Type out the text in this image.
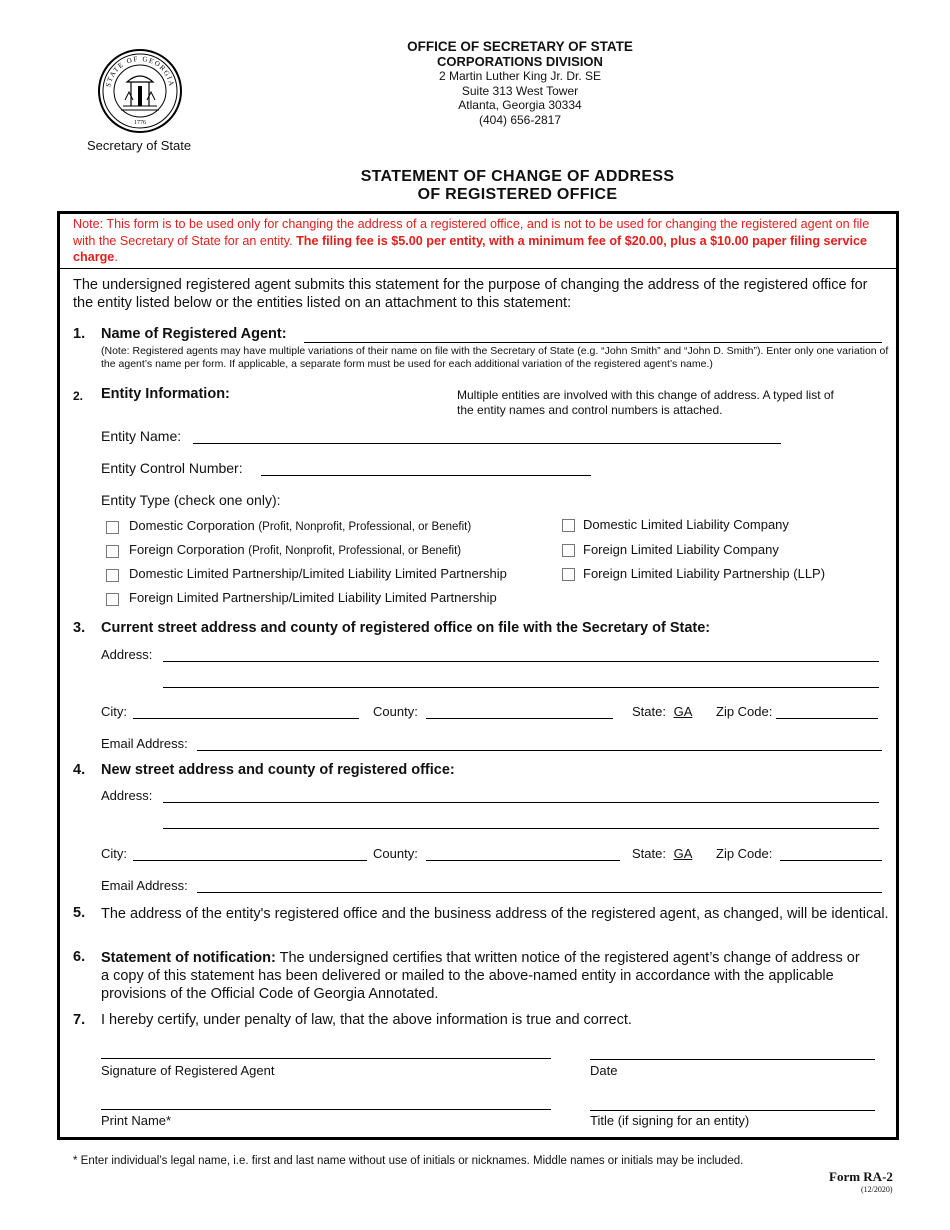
STATE OF GEORGIA
1776
Secretary of State
OFFICE OF SECRETARY OF STATE
CORPORATIONS DIVISION
2 Martin Luther King Jr. Dr. SE
Suite 313 West Tower
Atlanta, Georgia 30334
(404) 656-2817
STATEMENT OF CHANGE OF ADDRESS
OF REGISTERED OFFICE
Note: This form is to be used only for changing the address of a registered office, and is not to be used for changing the registered agent on file with the Secretary of State for an entity. The filing fee is $5.00 per entity, with a minimum fee of $20.00, plus a $10.00 paper filing service charge.
The undersigned registered agent submits this statement for the purpose of changing the address of the registered office for the entity listed below or the entities listed on an attachment to this statement:
1. Name of Registered Agent:
(Note: Registered agents may have multiple variations of their name on file with the Secretary of State (e.g. “John Smith” and “John D. Smith”). Enter only one variation of the agent’s name per form. If applicable, a separate form must be used for each additional variation of the registered agent’s name.)
2. Entity Information:	Multiple entities are involved with this change of address. A typed list of the entity names and control numbers is attached.
Entity Name:
Entity Control Number:
Entity Type (check one only):
Domestic Corporation (Profit, Nonprofit, Professional, or Benefit)
Foreign Corporation (Profit, Nonprofit, Professional, or Benefit)
Domestic Limited Partnership/Limited Liability Limited Partnership
Foreign Limited Partnership/Limited Liability Limited Partnership
Domestic Limited Liability Company
Foreign Limited Liability Company
Foreign Limited Liability Partnership (LLP)
3. Current street address and county of registered office on file with the Secretary of State:
Address:
City:	County:	State: GA	Zip Code:
Email Address:
4. New street address and county of registered office:
Address:
City:	County:	State: GA	Zip Code:
Email Address:
5. The address of the entity's registered office and the business address of the registered agent, as changed, will be identical.
6. Statement of notification: The undersigned certifies that written notice of the registered agent’s change of address or a copy of this statement has been delivered or mailed to the above-named entity in accordance with the applicable provisions of the Official Code of Georgia Annotated.
7. I hereby certify, under penalty of law, that the above information is true and correct.
Signature of Registered Agent	Date
Print Name*	Title (if signing for an entity)
* Enter individual’s legal name, i.e. first and last name without use of initials or nicknames. Middle names or initials may be included.
Form RA-2
(12/2020)
